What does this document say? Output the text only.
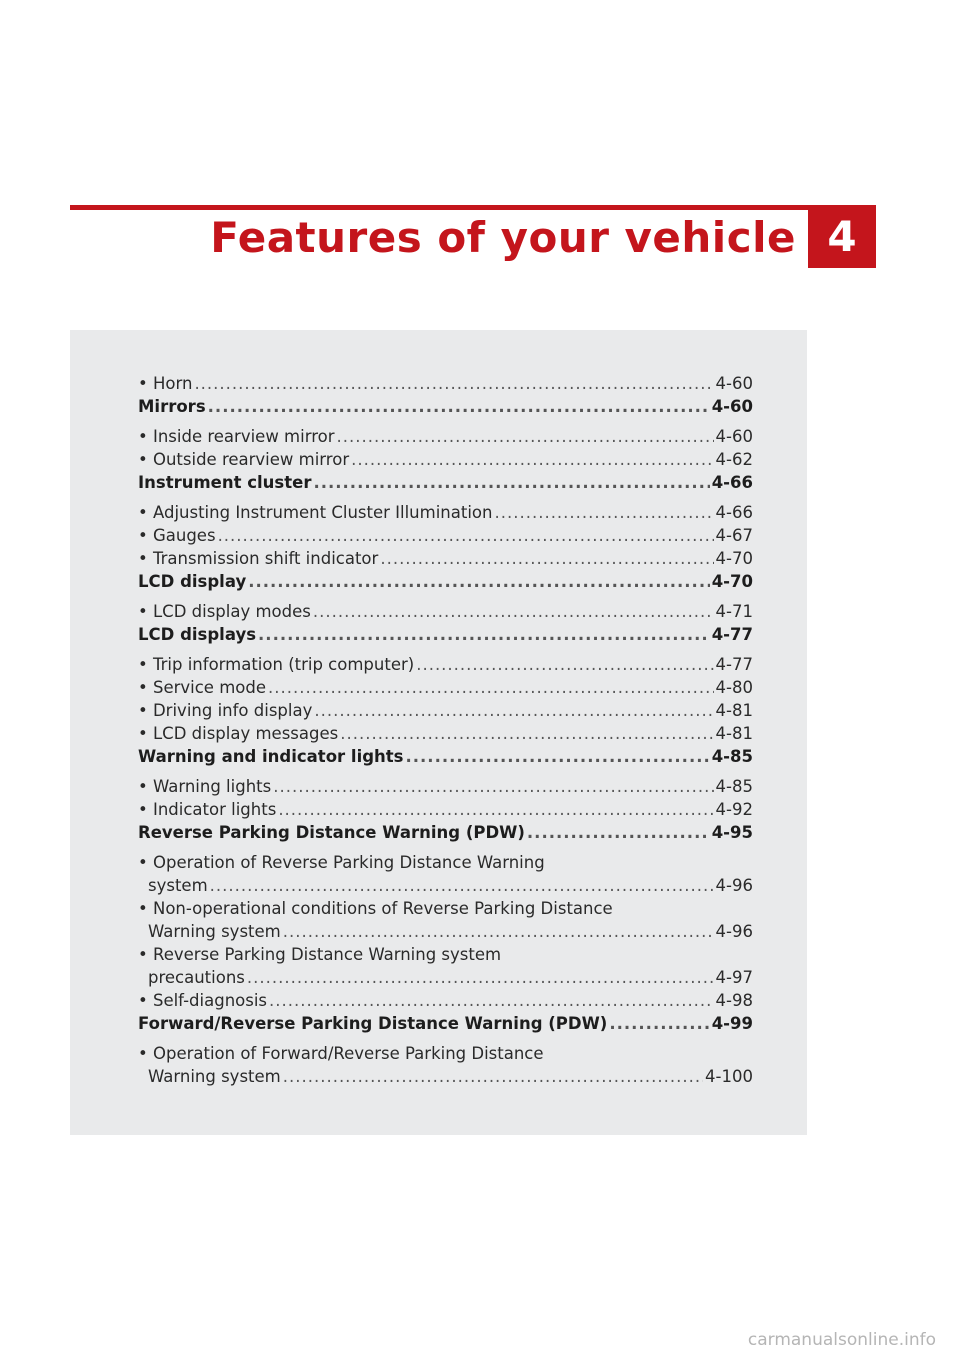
Features of your vehicle 4
• Horn .....	4-60
Mirrors .....	4-60
• Inside rearview mirror .....	4-60
• Outside rearview mirror .....	4-62
Instrument cluster .....	4-66
• Adjusting Instrument Cluster Illumination .....	4-66
• Gauges .....	4-67
• Transmission shift indicator .....	4-70
LCD display .....	4-70
• LCD display modes .....	4-71
LCD displays .....	4-77
• Trip information (trip computer) .....	4-77
• Service mode .....	4-80
• Driving info display .....	4-81
• LCD display messages .....	4-81
Warning and indicator lights .....	4-85
• Warning lights .....	4-85
• Indicator lights .....	4-92
Reverse Parking Distance Warning (PDW) .....	4-95
• Operation of Reverse Parking Distance Warning
system .....	4-96
• Non-operational conditions of Reverse Parking Distance
Warning system .....	4-96
• Reverse Parking Distance Warning system
precautions .....	4-97
• Self-diagnosis .....	4-98
Forward/Reverse Parking Distance Warning (PDW) .....	4-99
• Operation of Forward/Reverse Parking Distance
Warning system .....	4-100
carmanualsonline.info
